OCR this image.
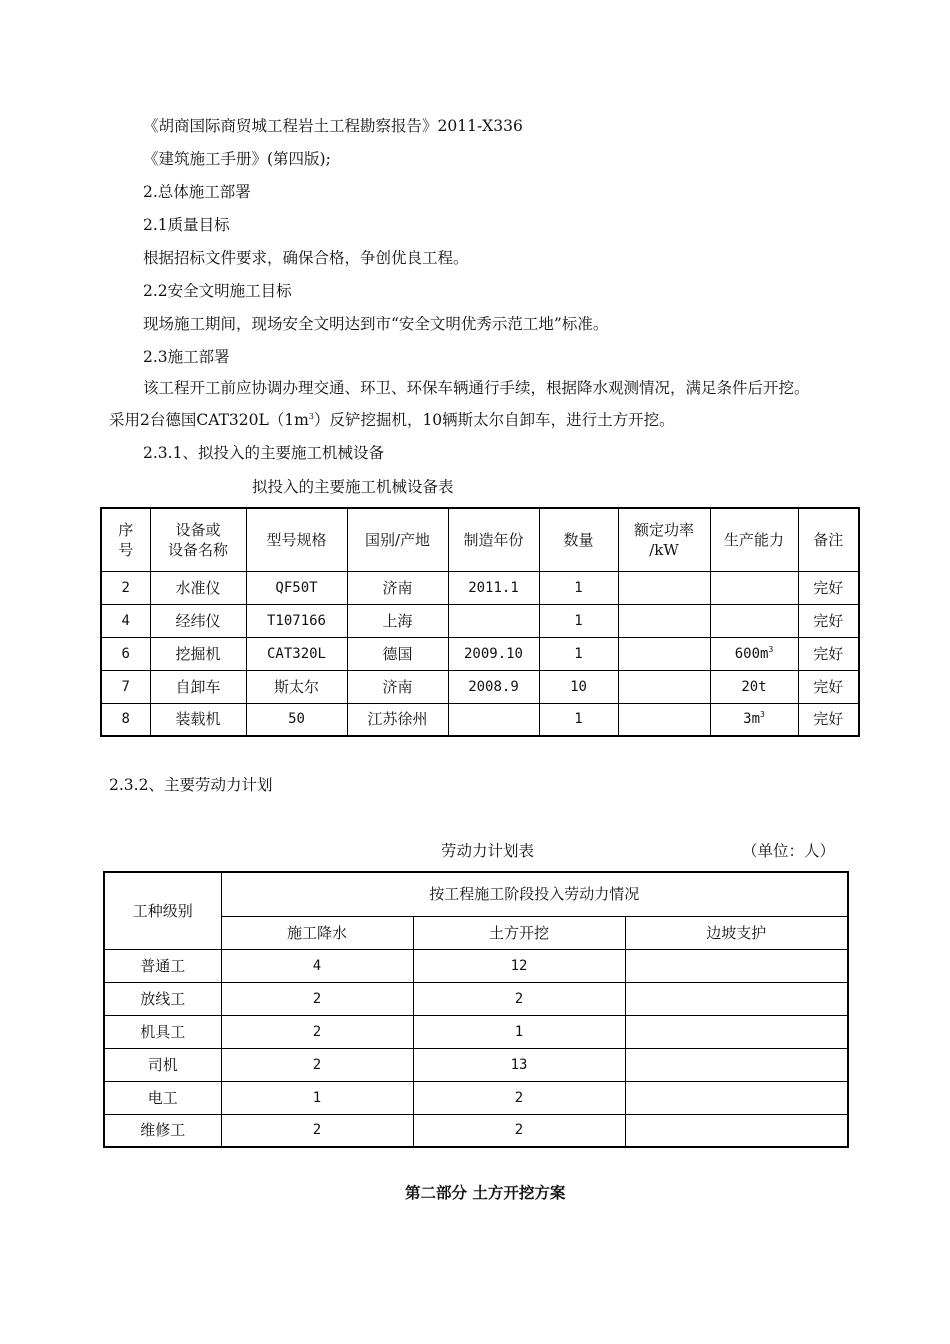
《胡商国际商贸城工程岩土工程勘察报告》2011-X336
《建筑施工手册》(第四版);
2.总体施工部署
2.1质量目标
根据招标文件要求，确保合格，争创优良工程。
2.2安全文明施工目标
现场施工期间，现场安全文明达到市“安全文明优秀示范工地”标准。
2.3施工部署
该工程开工前应协调办理交通、环卫、环保车辆通行手续，根据降水观测情况，满足条件后开挖。
采用2台德国$CAT320L(1m^3)$反铲挖掘机，10辆斯太尔自卸车，进行土方开挖。
2.3.1、拟投入的主要施工机械设备
拟投入的主要施工机械设备表
序
号	设备或
设备名称	型号规格	国别/产地	制造年份	数量	额定功率
/kW	生产能力	备注
2	水准仪	QF50T	济南	2011.1	1			完好
4	经纬仪	T107166	上海		1			完好
6	挖掘机	CAT320L	德国	2009.10	1		$600m^3$	完好
7	自卸车	斯太尔	济南	2008.9	10		20t	完好
8	装载机	50	江苏徐州		1		$3m^3$	完好
2.3.2、主要劳动力计划
劳动力计划表	（单位：人）
工种级别	按工程施工阶段投入劳动力情况		
	施工降水	土方开挖	边坡支护
普通工	4	12	
放线工	2	2	
机具工	2	1	
司机	2	13	
电工	1	2	
维修工	2	2	
第二部分 土方开挖方案
